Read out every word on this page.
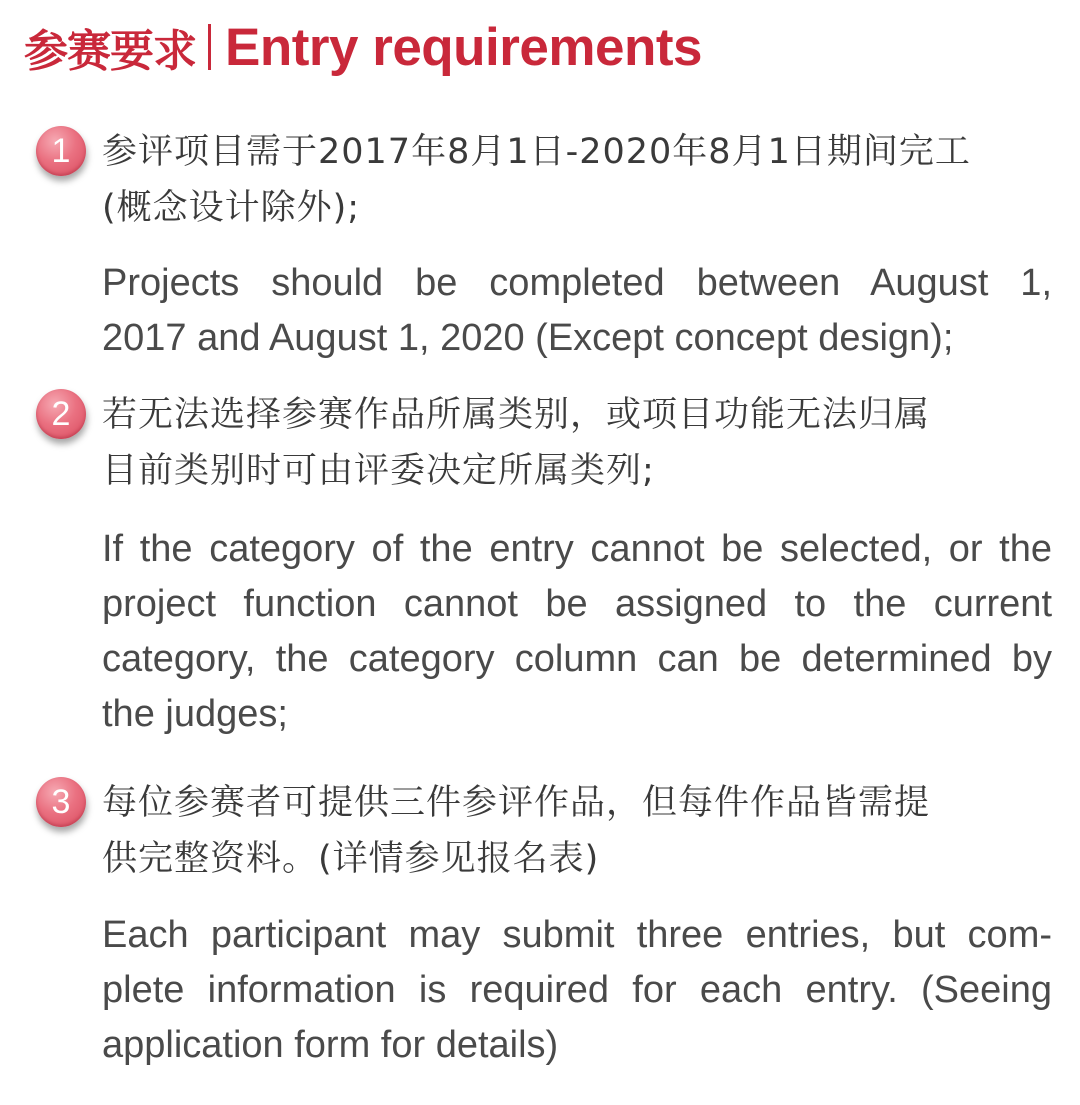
参赛要求 Entry requirements
1 参评项目需于2017年8月1日-2020年8月1日期间完工
(概念设计除外);
Projects should be completed between August 1,
2017 and August 1, 2020 (Except concept design);
2 若无法选择参赛作品所属类别，或项目功能无法归属
目前类别时可由评委决定所属类列;
If the category of the entry cannot be selected, or the
project function cannot be assigned to the current
category, the category column can be determined by
the judges;
3 每位参赛者可提供三件参评作品，但每件作品皆需提
供完整资料。(详情参见报名表)
Each participant may submit three entries, but com-
plete information is required for each entry. (Seeing
application form for details)
